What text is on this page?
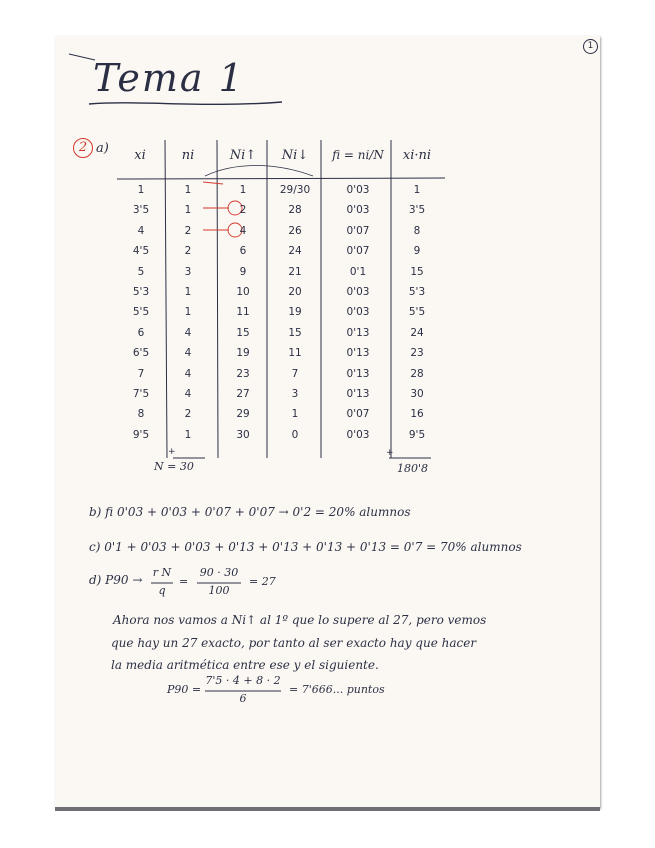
1
Tema 1
2 a)	xi	ni	Ni↑	Ni↓	fi = ni/N	xi·ni
+	+
1	1	1	29/30	0'03	1
3'5	1	2	28	0'03	3'5
4	2	4	26	0'07	8
4'5	2	6	24	0'07	9
5	3	9	21	0'1	15
5'3	1	10	20	0'03	5'3
5'5	1	11	19	0'03	5'5
6	4	15	15	0'13	24
6'5	4	19	11	0'13	23
7	4	23	7	0'13	28
7'5	4	27	3	0'13	30
8	2	29	1	0'07	16
9'5	1	30	0	0'03	9'5
N = 30	180'8
b) fi 0'03 + 0'03 + 0'07 + 0'07 → 0'2 = 20% alumnos
c) 0'1 + 0'03 + 0'03 + 0'13 + 0'13 + 0'13 + 0'13 = 0'7 = 70% alumnos
d) P90 →
r N
q
=
90 · 30
100
= 27
Ahora nos vamos a Ni↑ al 1º que lo supere al 27, pero vemos
que hay un 27 exacto, por tanto al ser exacto hay que hacer
la media aritmética entre ese y el siguiente.
P90 =
7'5 · 4 + 8 · 2
6
= 7'666... puntos
